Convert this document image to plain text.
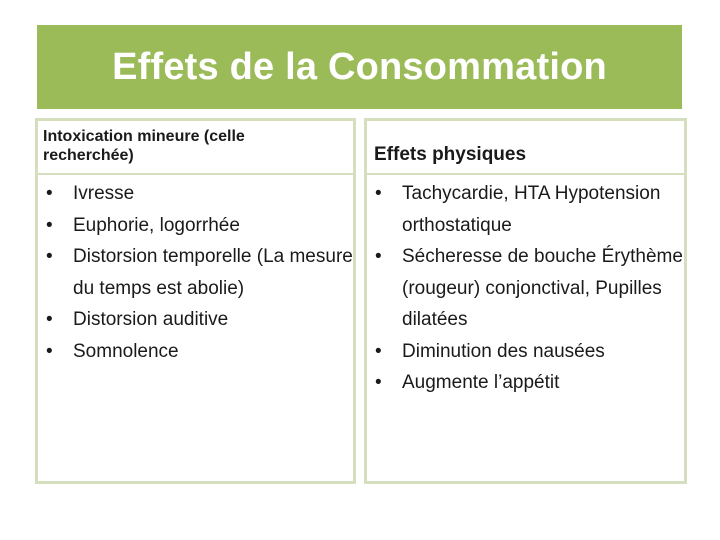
Effets de la Consommation
Intoxication mineure (celle recherchée)
• Ivresse
• Euphorie, logorrhée
• Distorsion temporelle (La mesure du temps est abolie)
• Distorsion auditive
• Somnolence
Effets physiques
• Tachycardie, HTA Hypotension orthostatique
• Sécheresse de bouche Érythème (rougeur) conjonctival, Pupilles dilatées
• Diminution des nausées
• Augmente l’appétit
